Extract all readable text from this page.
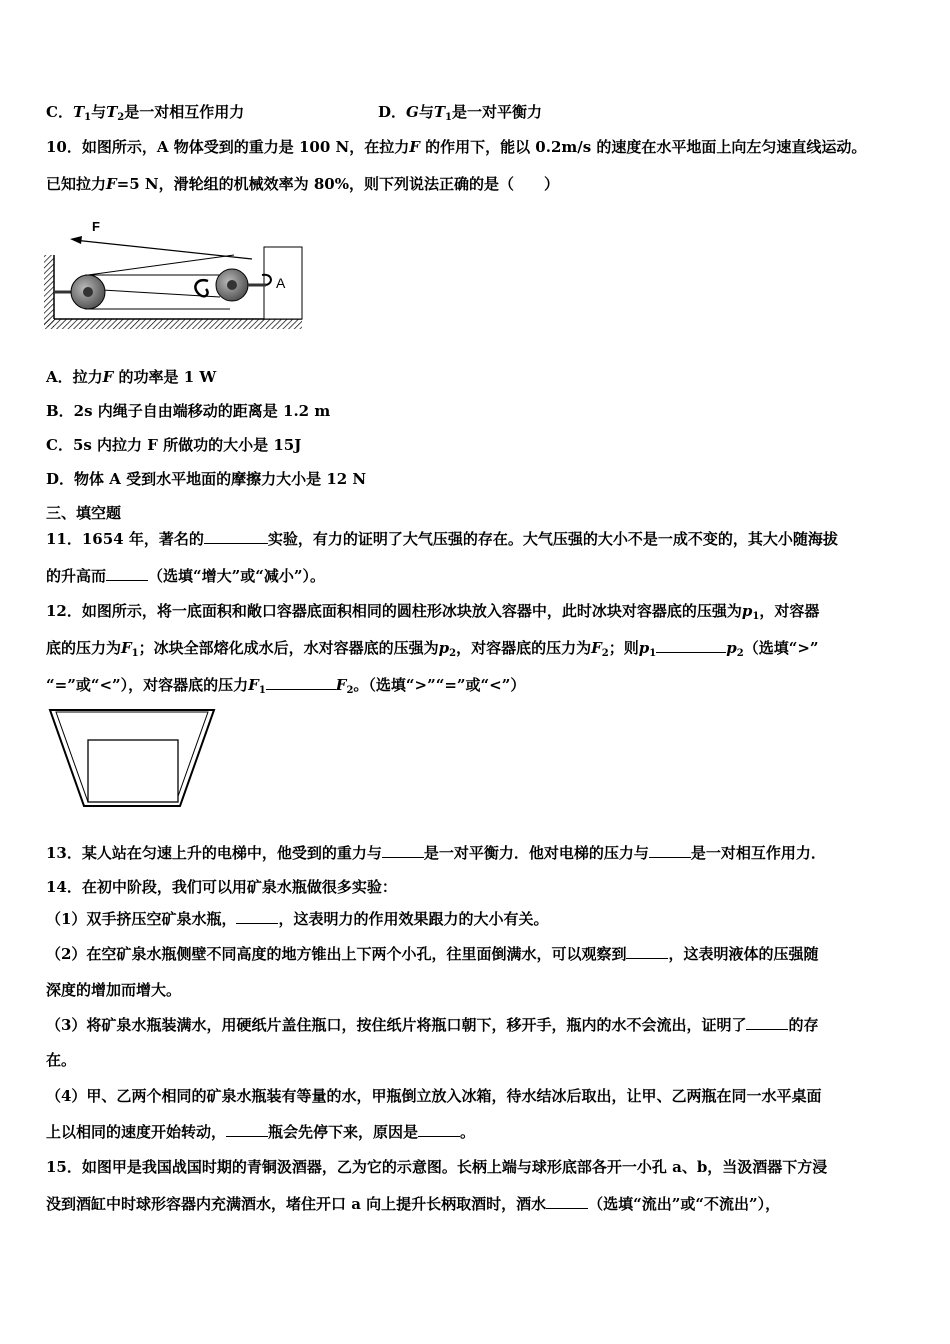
C．$T_1$与$T_2$是一对相互作用力	D．G与$T_1$是一对平衡力
10．如图所示，A 物体受到的重力是 100 N，在拉力F 的作用下，能以 0.2m/s 的速度在水平地面上向左匀速直线运动。
已知拉力F=5 N，滑轮组的机械效率为 80%，则下列说法正确的是（　　）
A
F
A．拉力F 的功率是 1 W
B．2s 内绳子自由端移动的距离是 1.2 m
C．5s 内拉力 F 所做功的大小是 15J
D．物体 A 受到水平地面的摩擦力大小是 12 N
三、填空题
11．1654 年，著名的	实验，有力的证明了大气压强的存在。大气压强的大小不是一成不变的，其大小随海拔
的升高而	（选填“增大”或“减小”）。
12．如图所示，将一底面积和敞口容器底面积相同的圆柱形冰块放入容器中，此时冰块对容器底的压强为$p_1$，对容器
底的压力为$F_1$；冰块全部熔化成水后，水对容器底的压强为$p_2$，对容器底的压力为$F_2$；则$p_1$	$p_2$（选填“>”
“=”或“<”），对容器底的压力$F_1$	$F_2$。（选填“>”“=”或“<”）
13．某人站在匀速上升的电梯中，他受到的重力与	是一对平衡力．他对电梯的压力与	是一对相互作用力．
14．在初中阶段，我们可以用矿泉水瓶做很多实验：
（1）双手挤压空矿泉水瓶，	，这表明力的作用效果跟力的大小有关。
（2）在空矿泉水瓶侧壁不同高度的地方锥出上下两个小孔，往里面倒满水，可以观察到	，这表明液体的压强随
深度的增加而增大。
（3）将矿泉水瓶装满水，用硬纸片盖住瓶口，按住纸片将瓶口朝下，移开手，瓶内的水不会流出，证明了	的存
在。
（4）甲、乙两个相同的矿泉水瓶装有等量的水，甲瓶倒立放入冰箱，待水结冰后取出，让甲、乙两瓶在同一水平桌面
上以相同的速度开始转动，	瓶会先停下来，原因是	。
15．如图甲是我国战国时期的青铜汲酒器，乙为它的示意图。长柄上端与球形底部各开一小孔 a、b，当汲酒器下方浸
没到酒缸中时球形容器内充满酒水，堵住开口 a 向上提升长柄取酒时，酒水	（选填“流出”或“不流出”），
